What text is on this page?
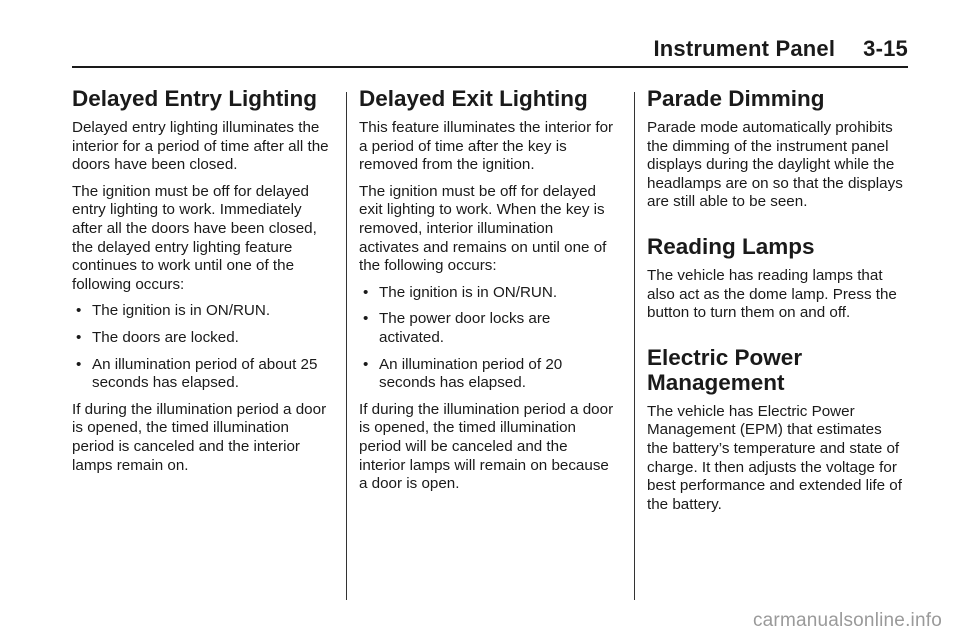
Instrument Panel 3-15
Delayed Entry Lighting

Delayed entry lighting illuminates the interior for a period of time after all the doors have been closed.

The ignition must be off for delayed entry lighting to work. Immediately after all the doors have been closed, the delayed entry lighting feature continues to work until one of the following occurs:

• The ignition is in ON/RUN.
• The doors are locked.
• An illumination period of about 25 seconds has elapsed.

If during the illumination period a door is opened, the timed illumination period is canceled and the interior lamps remain on.

Delayed Exit Lighting

This feature illuminates the interior for a period of time after the key is removed from the ignition.

The ignition must be off for delayed exit lighting to work. When the key is removed, interior illumination activates and remains on until one of the following occurs:

• The ignition is in ON/RUN.
• The power door locks are activated.
• An illumination period of 20 seconds has elapsed.

If during the illumination period a door is opened, the timed illumination period will be canceled and the interior lamps will remain on because a door is open.

Parade Dimming

Parade mode automatically prohibits the dimming of the instrument panel displays during the daylight while the headlamps are on so that the displays are still able to be seen.

Reading Lamps

The vehicle has reading lamps that also act as the dome lamp. Press the button to turn them on and off.

Electric Power Management

The vehicle has Electric Power Management (EPM) that estimates the battery’s temperature and state of charge. It then adjusts the voltage for best performance and extended life of the battery.

carmanualsonline.info
